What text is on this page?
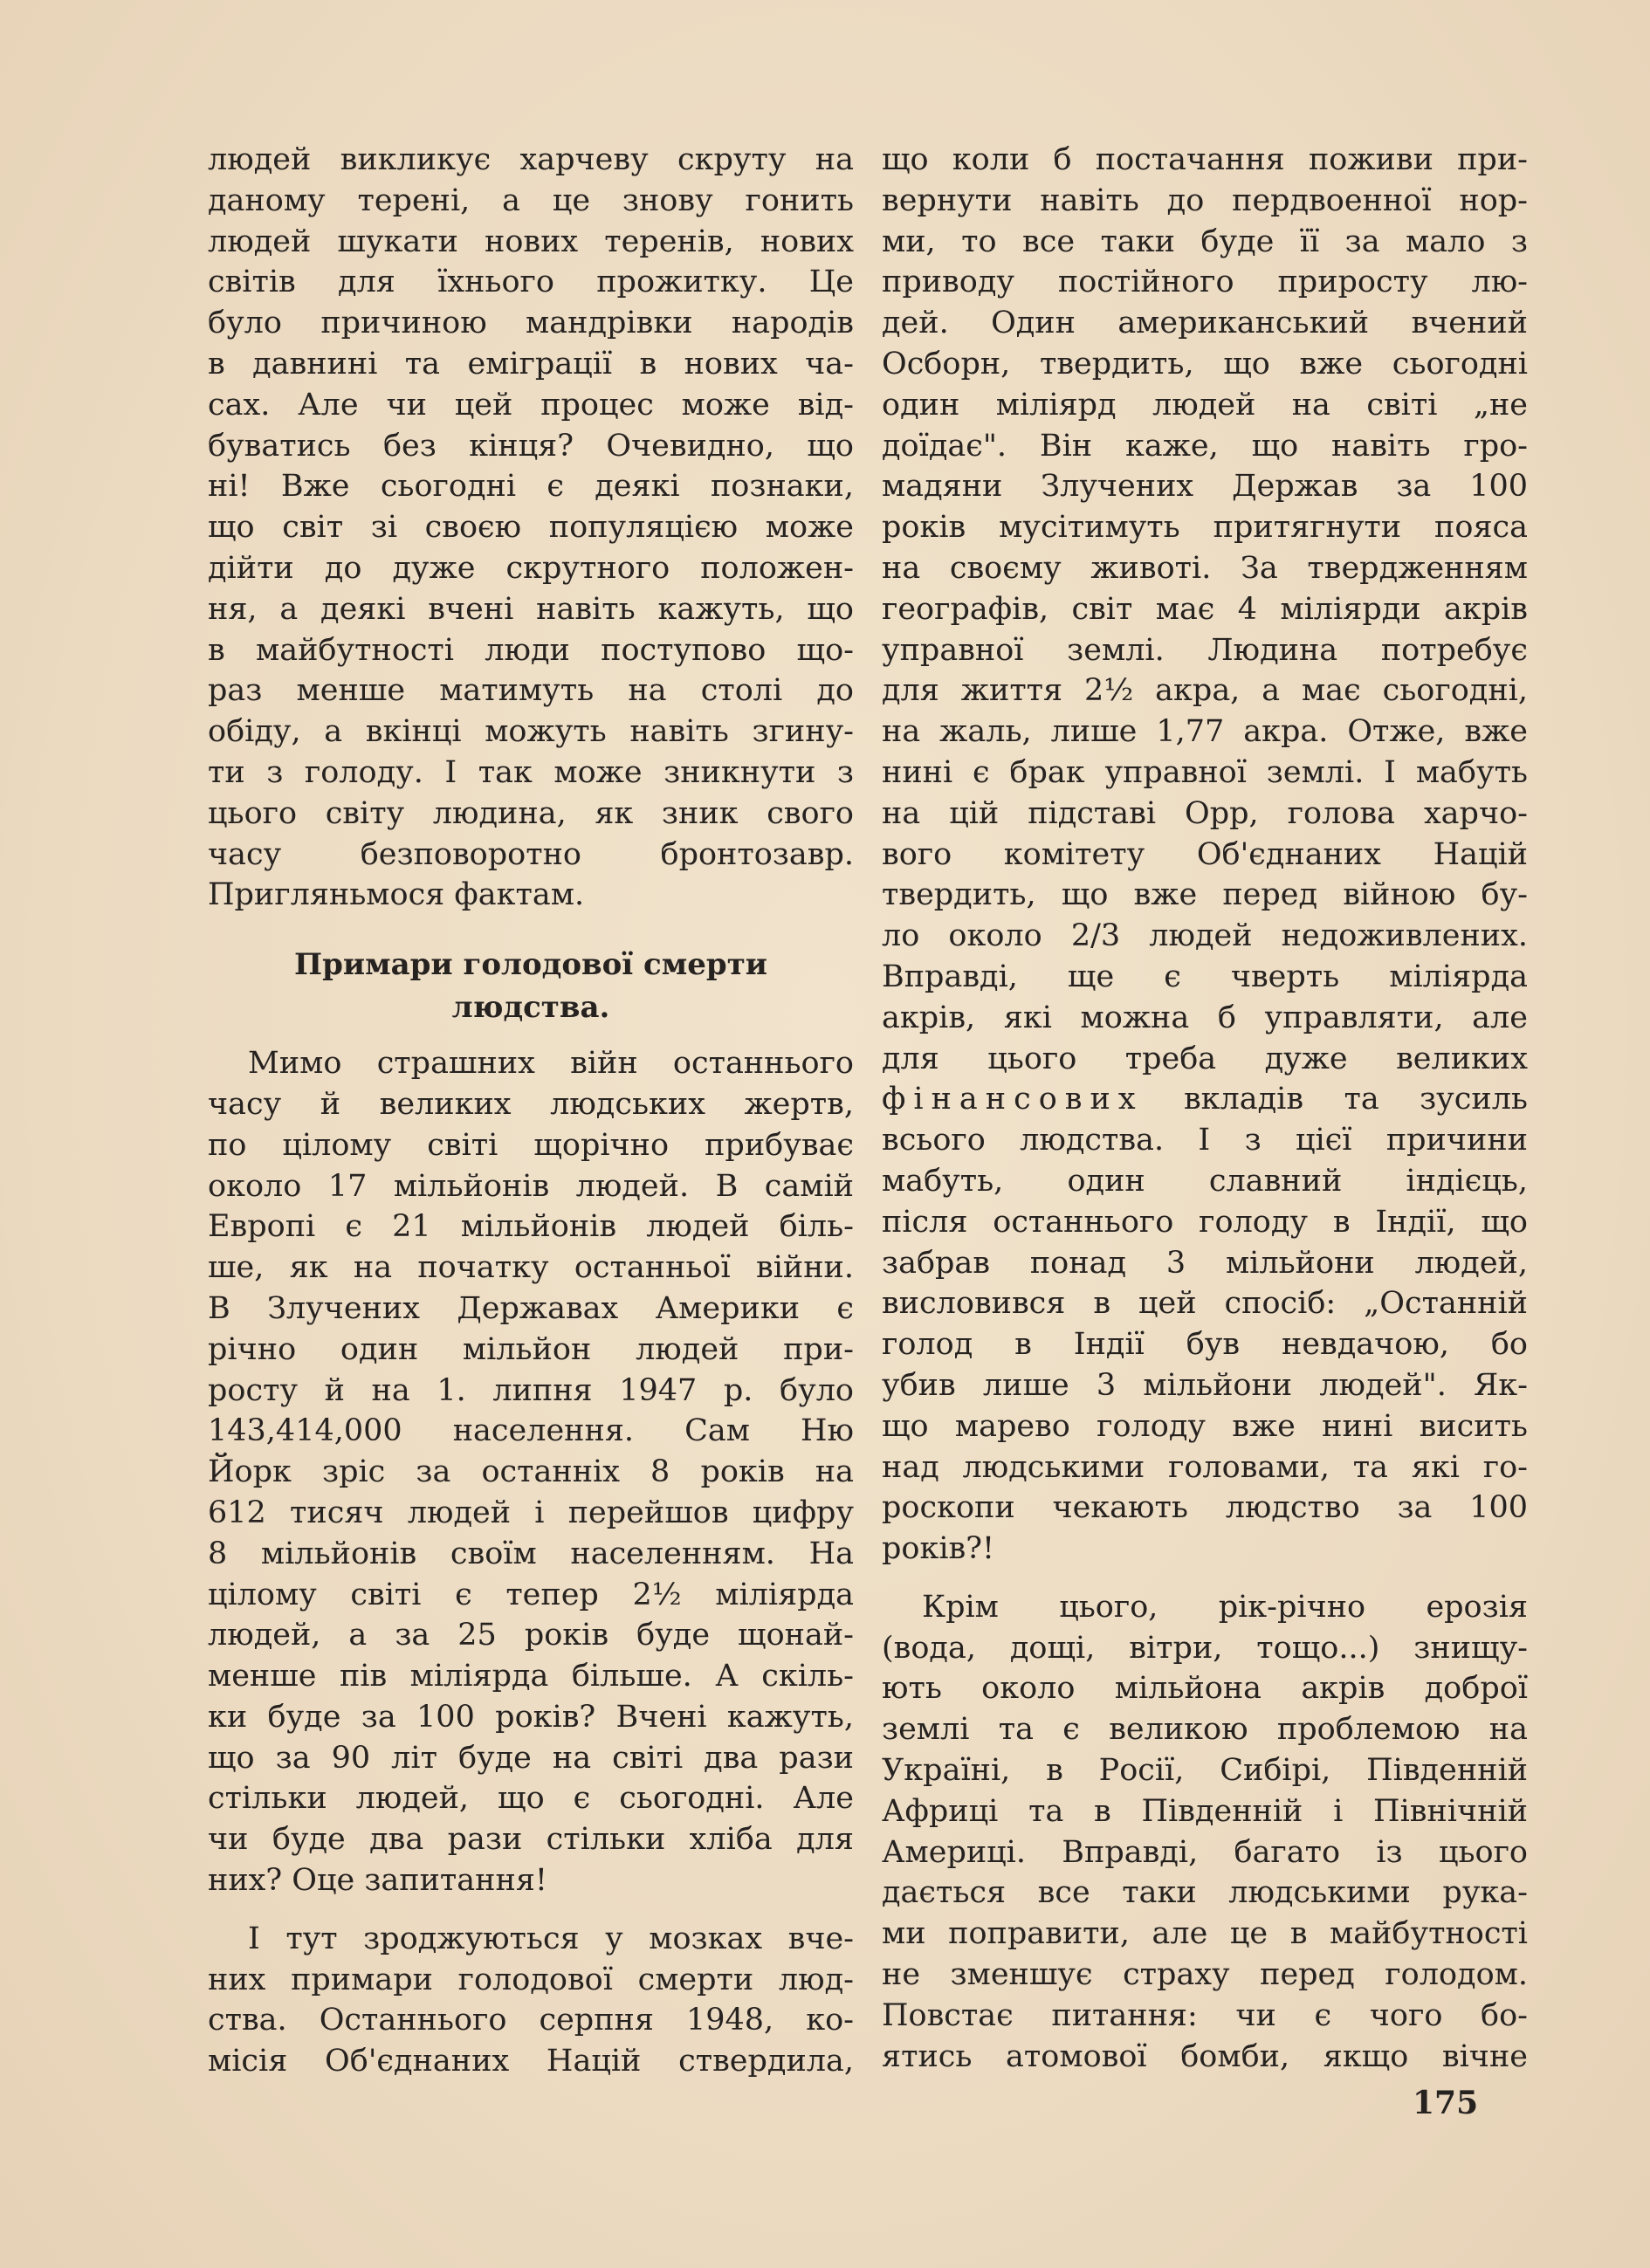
людей викликує харчеву скруту на
даному терені, а це знову гонить
людей шукати нових теренів, нових
світів для їхнього прожитку. Це
було причиною мандрівки народів
в давнині та еміграції в нових ча-
сах. Але чи цей процес може від-
буватись без кінця? Очевидно, що
ні! Вже сьогодні є деякі познаки,
що світ зі своєю популяцією може
дійти до дуже скрутного положен-
ня, а деякі вчені навіть кажуть, що
в майбутності люди поступово що-
раз менше матимуть на столі до
обіду, а вкінці можуть навіть згину-
ти з голоду. І так може зникнути з
цього світу людина, як зник свого
часу безповоротно бронтозавр.
Пригляньмося фактам.
Примари голодової смерти
людства.
Мимо страшних війн останнього
часу й великих людських жертв,
по цілому світі щорічно прибуває
около 17 мільйонів людей. В самій
Европі є 21 мільйонів людей біль-
ше, як на початку останньої війни.
В Злучених Державах Америки є
річно один мільйон людей при-
росту й на 1. липня 1947 р. було
143,414,000 населення. Сам Ню
Йорк зріс за останніх 8 років на
612 тисяч людей і перейшов цифру
8 мільйонів своїм населенням. На
цілому світі є тепер 2½ міліярда
людей, а за 25 років буде щонай-
менше пів міліярда більше. А скіль-
ки буде за 100 років? Вчені кажуть,
що за 90 літ буде на світі два рази
стільки людей, що є сьогодні. Але
чи буде два рази стільки хліба для
них? Оце запитання!
І тут зроджуються у мозках вче-
них примари голодової смерти люд-
ства. Останнього серпня 1948, ко-
місія Об'єднаних Націй ствердила,
що коли б постачання поживи при-
вернути навіть до пердвоенної нор-
ми, то все таки буде її за мало з
приводу постійного приросту лю-
дей. Один американський вчений
Осборн, твердить, що вже сьогодні
один міліярд людей на світі „не
доїдає". Він каже, що навіть гро-
мадяни Злучених Держав за 100
років мусітимуть притягнути пояса
на своєму животі. За твердженням
географів, світ має 4 міліярди акрів
управної землі. Людина потребує
для життя 2½ акра, а має сьогодні,
на жаль, лише 1,77 акра. Отже, вже
нині є брак управної землі. І мабуть
на цій підставі Орр, голова харчо-
вого комітету Об'єднаних Націй
твердить, що вже перед війною бу-
ло около 2/3 людей недоживлених.
Вправді, ще є чверть міліярда
акрів, які можна б управляти, але
для цього треба дуже великих
фінансових вкладів та зусиль
всього людства. І з цієї причини
мабуть, один славний індієць,
після останнього голоду в Індії, що
забрав понад 3 мільйони людей,
висловився в цей спосіб: „Останній
голод в Індії був невдачою, бо
убив лише 3 мільйони людей". Як-
що марево голоду вже нині висить
над людськими головами, та які го-
роскопи чекають людство за 100
років?!
Крім цього, рік-річно ерозія
(вода, дощі, вітри, тощо...) знищу-
ють около мільйона акрів доброї
землі та є великою проблемою на
Україні, в Росії, Сибірі, Південній
Африці та в Південній і Північній
Америці. Вправді, багато із цього
дається все таки людськими рука-
ми поправити, але це в майбутності
не зменшує страху перед голодом.
Повстає питання: чи є чого бо-
ятись атомової бомби, якщо вічне
175
